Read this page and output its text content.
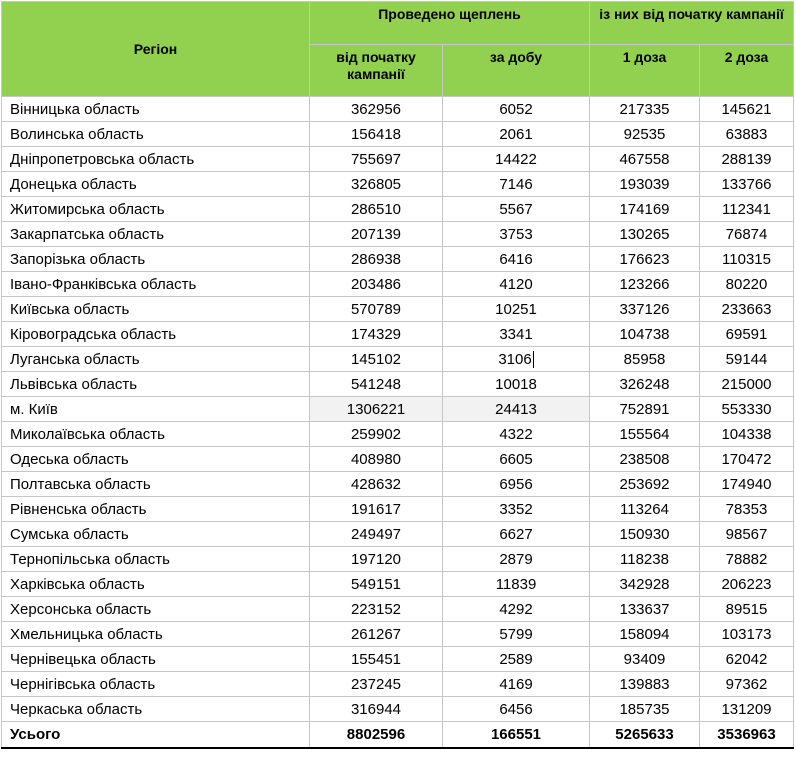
Регіон	Проведено щеплень		із них від початку кампанії	
	від початку кампанії	за добу	1 доза	2 доза
Вінницька область	362956	6052	217335	145621
Волинська область	156418	2061	92535	63883
Дніпропетровська область	755697	14422	467558	288139
Донецька область	326805	7146	193039	133766
Житомирська область	286510	5567	174169	112341
Закарпатська область	207139	3753	130265	76874
Запорізька область	286938	6416	176623	110315
Івано-Франківська область	203486	4120	123266	80220
Київська область	570789	10251	337126	233663
Кіровоградська область	174329	3341	104738	69591
Луганська область	145102	3106	85958	59144
Львівська область	541248	10018	326248	215000
м. Київ	1306221	24413	752891	553330
Миколаївська область	259902	4322	155564	104338
Одеська область	408980	6605	238508	170472
Полтавська область	428632	6956	253692	174940
Рівненська область	191617	3352	113264	78353
Сумська область	249497	6627	150930	98567
Тернопільська область	197120	2879	118238	78882
Харківська область	549151	11839	342928	206223
Херсонська область	223152	4292	133637	89515
Хмельницька область	261267	5799	158094	103173
Чернівецька область	155451	2589	93409	62042
Чернігівська область	237245	4169	139883	97362
Черкаська область	316944	6456	185735	131209
Усього	8802596	166551	5265633	3536963
